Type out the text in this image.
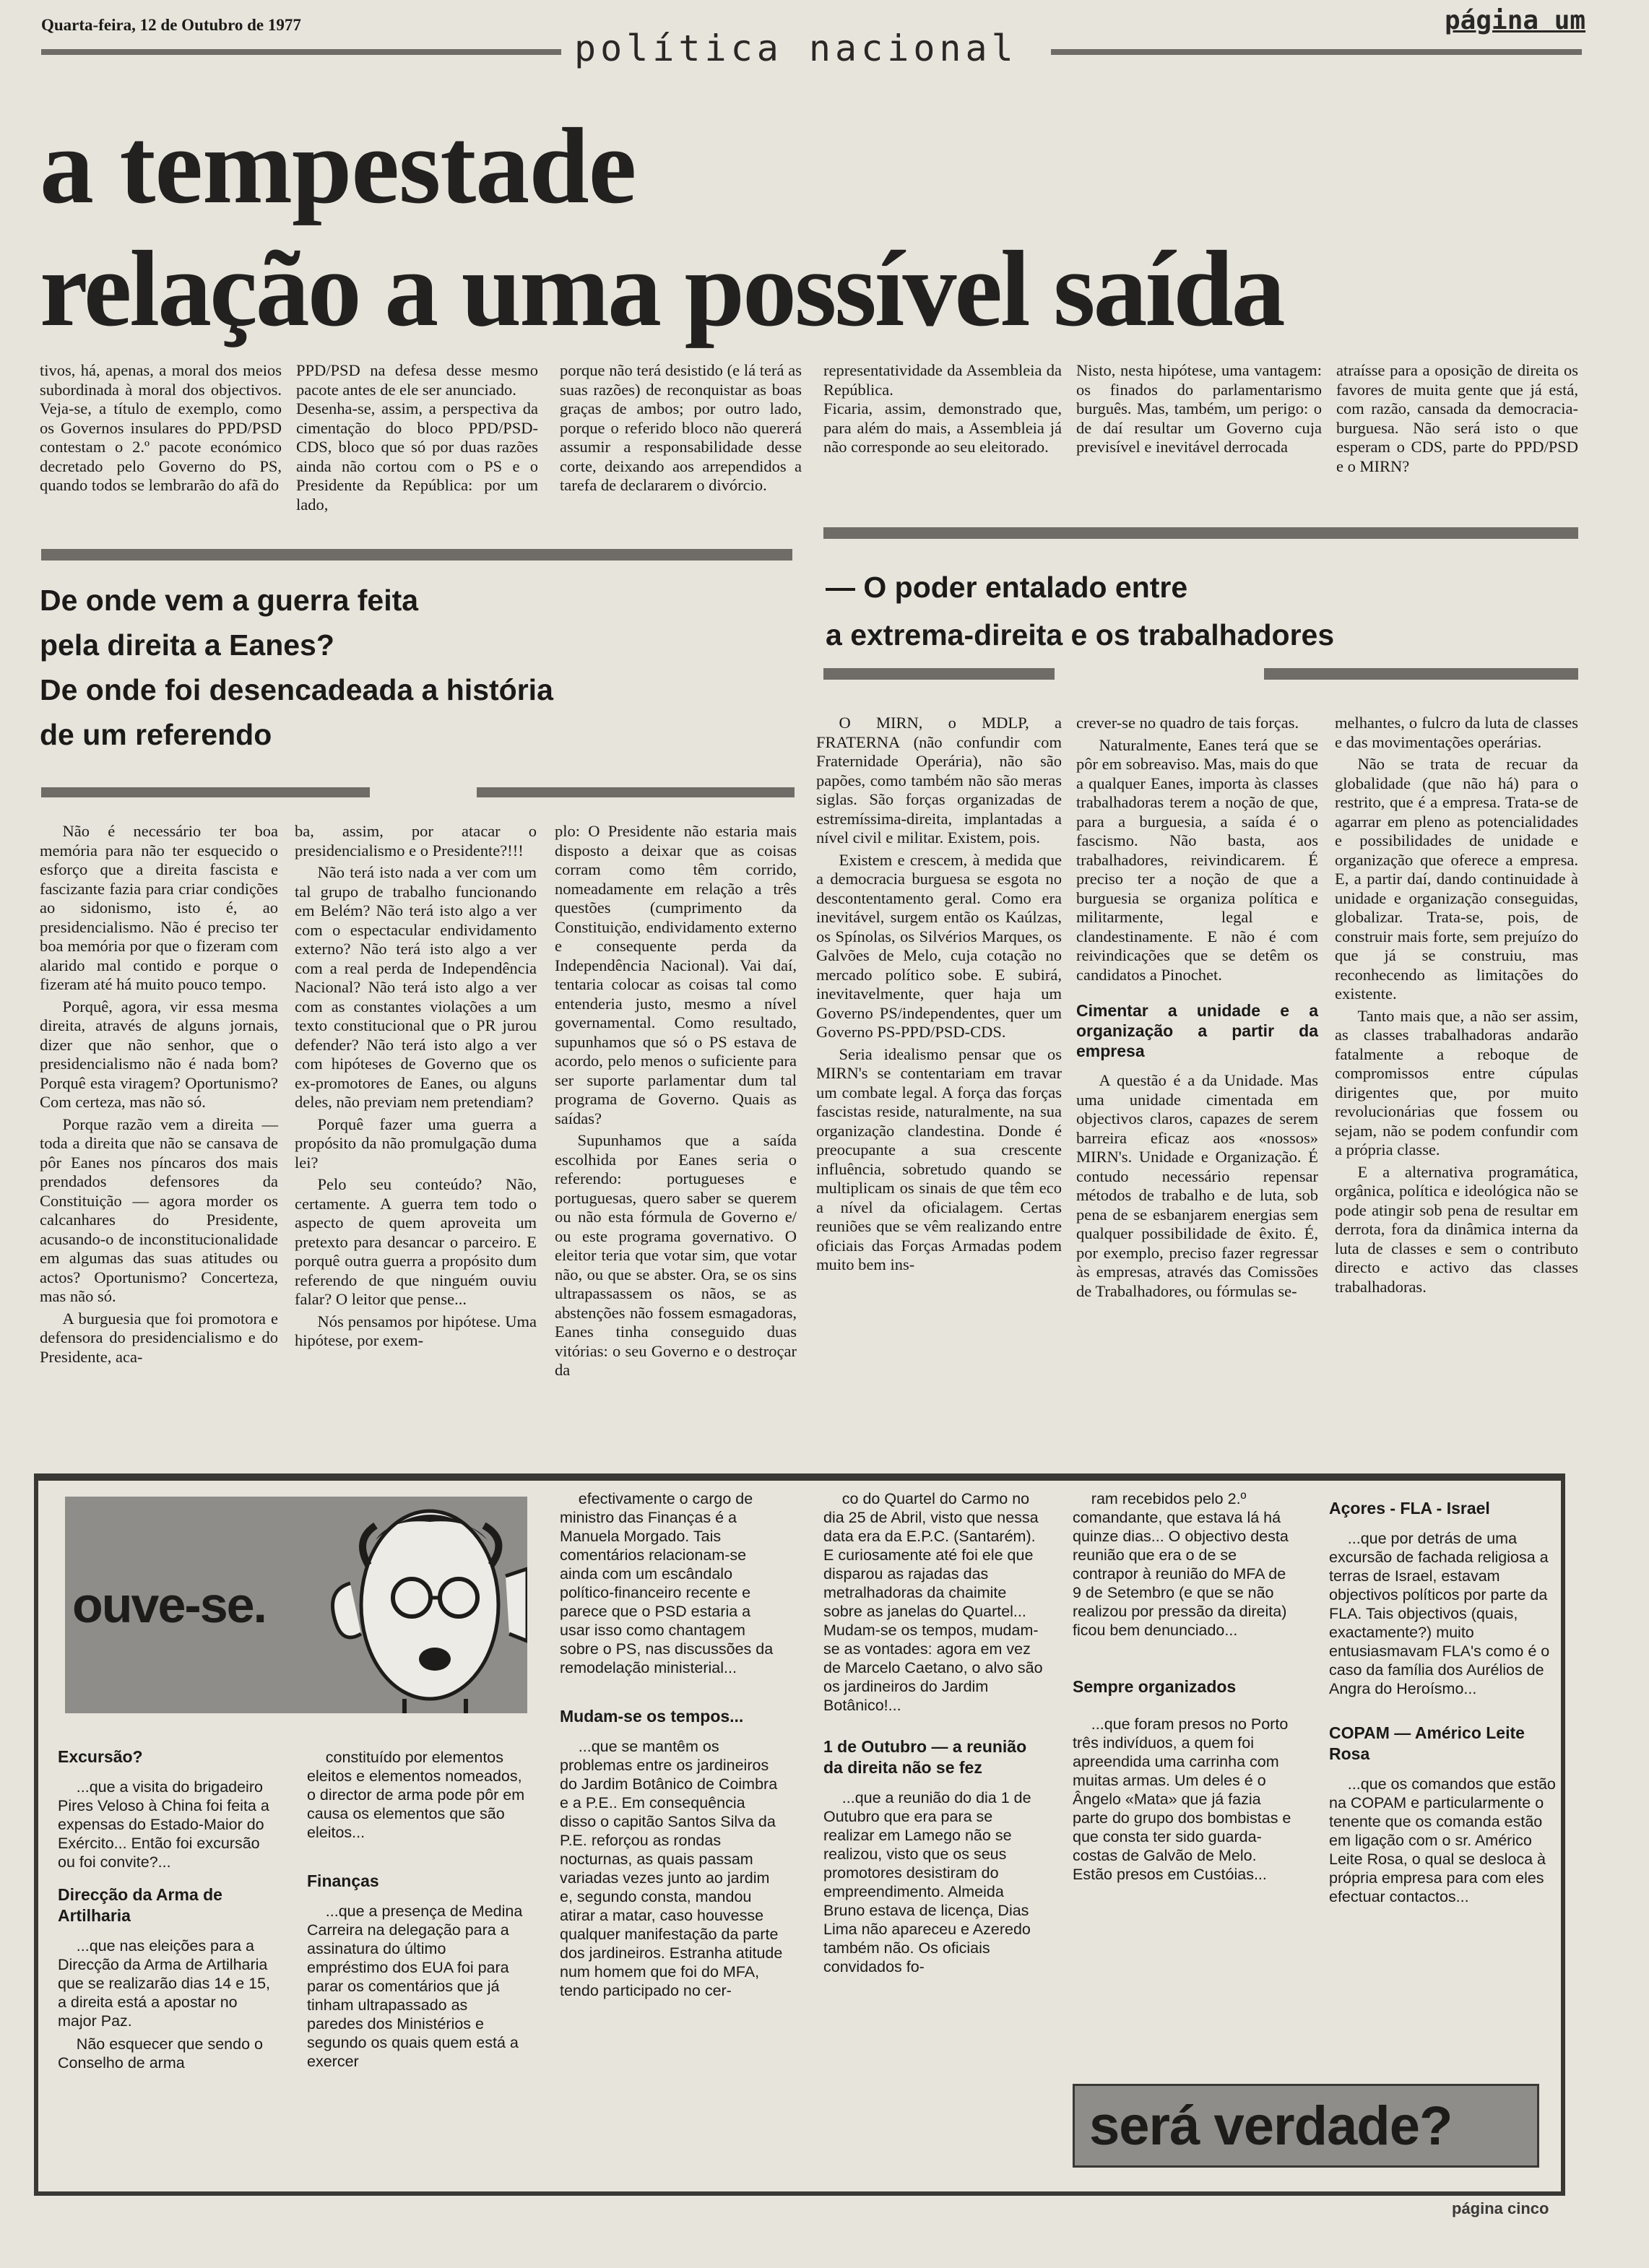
Quarta-feira, 12 de Outubro de 1977
política nacional
página um
a tempestade
relação a uma possível saída
tivos, há, apenas, a moral dos meios subordinada à moral dos objectivos. Veja-se, a título de exemplo, como os Governos insulares do PPD/PSD contestam o 2.º pacote económico decretado pelo Governo do PS, quando todos se lembrarão do afã do

PPD/PSD na defesa desse mesmo pacote antes de ele ser anunciado.
Desenha-se, assim, a perspectiva da cimentação do bloco PPD/PSD-CDS, bloco que só por duas razões ainda não cortou com o PS e o Presidente da República: por um lado,

porque não terá desistido (e lá terá as suas razões) de reconquistar as boas graças de ambos; por outro lado, porque o referido bloco não quererá assumir a responsabilidade desse corte, deixando aos arrependidos a tarefa de declararem o divórcio.

representatividade da Assembleia da República.
Ficaria, assim, demonstrado que, para além do mais, a Assembleia já não corresponde ao seu eleitorado.

Nisto, nesta hipótese, uma vantagem: os finados do parlamentarismo burguês. Mas, também, um perigo: o de daí resultar um Governo cuja previsível e inevitável derrocada
atraísse para a oposição de direita os favores de muita gente que já está, com razão, cansada da democracia-burguesa. Não será isto o que esperam o CDS, parte do PPD/PSD e o MIRN?
De onde vem a guerra feita
pela direita a Eanes?
De onde foi desencadeada a história
de um referendo

Não é necessário ter boa memória para não ter esquecido o esforço que a direita fascista e fascizante fazia para criar condições ao sidonismo, isto é, ao presidencialismo. Não é preciso ter boa memória por que o fizeram com alarido mal contido e porque o fizeram até há muito pouco tempo.

Porquê, agora, vir essa mesma direita, através de alguns jornais, dizer que não senhor, que o presidencialismo não é nada bom? Porquê esta viragem? Oportunismo? Com certeza, mas não só.

Porque razão vem a direita — toda a direita que não se cansava de pôr Eanes nos píncaros dos mais prendados defensores da Constituição — agora morder os calcanhares do Presidente, acusando-o de inconstitucionalidade em algumas das suas atitudes ou actos? Oportunismo? Concerteza, mas não só.

A burguesia que foi promotora e defensora do presidencialismo e do Presidente, aca-

ba, assim, por atacar o presidencialismo e o Presidente?!!!

Não terá isto nada a ver com um tal grupo de trabalho funcionando em Belém? Não terá isto algo a ver com o espectacular endividamento externo? Não terá isto algo a ver com a real perda de Independência Nacional? Não terá isto algo a ver com as constantes violações a um texto constitucional que o PR jurou defender? Não terá isto algo a ver com hipóteses de Governo que os ex-promotores de Eanes, ou alguns deles, não previam nem pretendiam?

Porquê fazer uma guerra a propósito da não promulgação duma lei?

Pelo seu conteúdo? Não, certamente. A guerra tem todo o aspecto de quem aproveita um pretexto para desancar o parceiro. E porquê outra guerra a propósito dum referendo de que ninguém ouviu falar? O leitor que pense...

Nós pensamos por hipótese. Uma hipótese, por exem-

plo: O Presidente não estaria mais disposto a deixar que as coisas corram como têm corrido, nomeadamente em relação a três questões (cumprimento da Constituição, endividamento externo e consequente perda da Independência Nacional). Vai daí, tentaria colocar as coisas tal como entenderia justo, mesmo a nível governamental. Como resultado, supunhamos que só o PS estava de acordo, pelo menos o suficiente para ser suporte parlamentar dum tal programa de Governo. Quais as saídas?

Supunhamos que a saída escolhida por Eanes seria o referendo: portugueses e portuguesas, quero saber se querem ou não esta fórmula de Governo e/ ou este programa governativo. O eleitor teria que votar sim, que votar não, ou que se abster. Ora, se os sins ultrapassassem os nãos, se as abstenções não fossem esmagadoras, Eanes tinha conseguido duas vitórias: o seu Governo e o destroçar da

— O poder entalado entre
a extrema-direita e os trabalhadores

O MIRN, o MDLP, a FRATERNA (não confundir com Fraternidade Operária), não são papões, como também não são meras siglas. São forças organizadas de estremíssima-direita, implantadas a nível civil e militar. Existem, pois.

Existem e crescem, à medida que a democracia burguesa se esgota no descontentamento geral. Como era inevitável, surgem então os Kaúlzas, os Spínolas, os Silvérios Marques, os Galvões de Melo, cuja cotação no mercado político sobe. E subirá, inevitavelmente, quer haja um Governo PS/independentes, quer um Governo PS-PPD/PSD-CDS.

Seria idealismo pensar que os MIRN's se contentariam em travar um combate legal. A força das forças fascistas reside, naturalmente, na sua organização clandestina. Donde é preocupante a sua crescente influência, sobretudo quando se multiplicam os sinais de que têm eco a nível da oficialagem. Certas reuniões que se vêm realizando entre oficiais das Forças Armadas podem muito bem ins-

crever-se no quadro de tais forças.

Naturalmente, Eanes terá que se pôr em sobreaviso. Mas, mais do que a qualquer Eanes, importa às classes trabalhadoras terem a noção de que, para a burguesia, a saída é o fascismo. Não basta, aos trabalhadores, reivindicarem. É preciso ter a noção de que a burguesia se organiza política e militarmente, legal e clandestinamente. E não é com reivindicações que se detêm os candidatos a Pinochet.

Cimentar a unidade e a organização a partir da empresa

A questão é a da Unidade. Mas uma unidade cimentada em objectivos claros, capazes de serem barreira eficaz aos «nossos» MIRN's. Unidade e Organização. É contudo necessário repensar métodos de trabalho e de luta, sob pena de se esbanjarem energias sem qualquer possibilidade de êxito. É, por exemplo, preciso fazer regressar às empresas, através das Comissões de Trabalhadores, ou fórmulas se-

melhantes, o fulcro da luta de classes e das movimentações operárias.

Não se trata de recuar da globalidade (que não há) para o restrito, que é a empresa. Trata-se de agarrar em pleno as potencialidades e possibilidades de unidade e organização que oferece a empresa. E, a partir daí, dando continuidade à unidade e organização conseguidas, globalizar. Trata-se, pois, de construir mais forte, sem prejuízo do que já se construiu, mas reconhecendo as limitações do existente.

Tanto mais que, a não ser assim, as classes trabalhadoras andarão fatalmente a reboque de compromissos entre cúpulas dirigentes que, por muito revolucionárias que fossem ou sejam, não se podem confundir com a própria classe.

E a alternativa programática, orgânica, política e ideológica não se pode atingir sob pena de resultar em derrota, fora da dinâmica interna da luta de classes e sem o contributo directo e activo das classes trabalhadoras.

ouve-se.

Excursão?

...que a visita do brigadeiro Pires Veloso à China foi feita a expensas do Estado-Maior do Exército... Então foi excursão ou foi convite?...

Direcção da Arma de Artilharia

...que nas eleições para a Direcção da Arma de Artilharia que se realizarão dias 14 e 15, a direita está a apostar no major Paz.

Não esquecer que sendo o Conselho de arma

constituído por elementos eleitos e elementos nomeados, o director de arma pode pôr em causa os elementos que são eleitos...

Finanças

...que a presença de Medina Carreira na delegação para a assinatura do último empréstimo dos EUA foi para parar os comentários que já tinham ultrapassado as paredes dos Ministérios e segundo os quais quem está a exercer

efectivamente o cargo de ministro das Finanças é a Manuela Morgado. Tais comentários relacionam-se ainda com um escândalo político-financeiro recente e parece que o PSD estaria a usar isso como chantagem sobre o PS, nas discussões da remodelação ministerial...

Mudam-se os tempos...

...que se mantêm os problemas entre os jardineiros do Jardim Botânico de Coimbra e a P.E.. Em consequência disso o capitão Santos Silva da P.E. reforçou as rondas nocturnas, as quais passam variadas vezes junto ao jardim e, segundo consta, mandou atirar a matar, caso houvesse qualquer manifestação da parte dos jardineiros. Estranha atitude num homem que foi do MFA, tendo participado no cer-

co do Quartel do Carmo no dia 25 de Abril, visto que nessa data era da E.P.C. (Santarém). E curiosamente até foi ele que disparou as rajadas das metralhadoras da chaimite sobre as janelas do Quartel... Mudam-se os tempos, mudam-se as vontades: agora em vez de Marcelo Caetano, o alvo são os jardineiros do Jardim Botânico!...

1 de Outubro — a reunião da direita não se fez

...que a reunião do dia 1 de Outubro que era para se realizar em Lamego não se realizou, visto que os seus promotores desistiram do empreendimento. Almeida Bruno estava de licença, Dias Lima não apareceu e Azeredo também não. Os oficiais convidados fo-

ram recebidos pelo 2.º comandante, que estava lá há quinze dias... O objectivo desta reunião que era o de se contrapor à reunião do MFA de 9 de Setembro (e que se não realizou por pressão da direita) ficou bem denunciado...

Sempre organizados

...que foram presos no Porto três indivíduos, a quem foi apreendida uma carrinha com muitas armas. Um deles é o Ângelo «Mata» que já fazia parte do grupo dos bombistas e que consta ter sido guarda-costas de Galvão de Melo. Estão presos em Custóias...

Açores - FLA - Israel

...que por detrás de uma excursão de fachada religiosa a terras de Israel, estavam objectivos políticos por parte da FLA. Tais objectivos (quais, exactamente?) muito entusiasmavam FLA's como é o caso da família dos Aurélios de Angra do Heroísmo...

COPAM — Américo Leite Rosa

...que os comandos que estão na COPAM e particularmente o tenente que os comanda estão em ligação com o sr. Américo Leite Rosa, o qual se desloca à própria empresa para com eles efectuar contactos...

será verdade?
página cinco
